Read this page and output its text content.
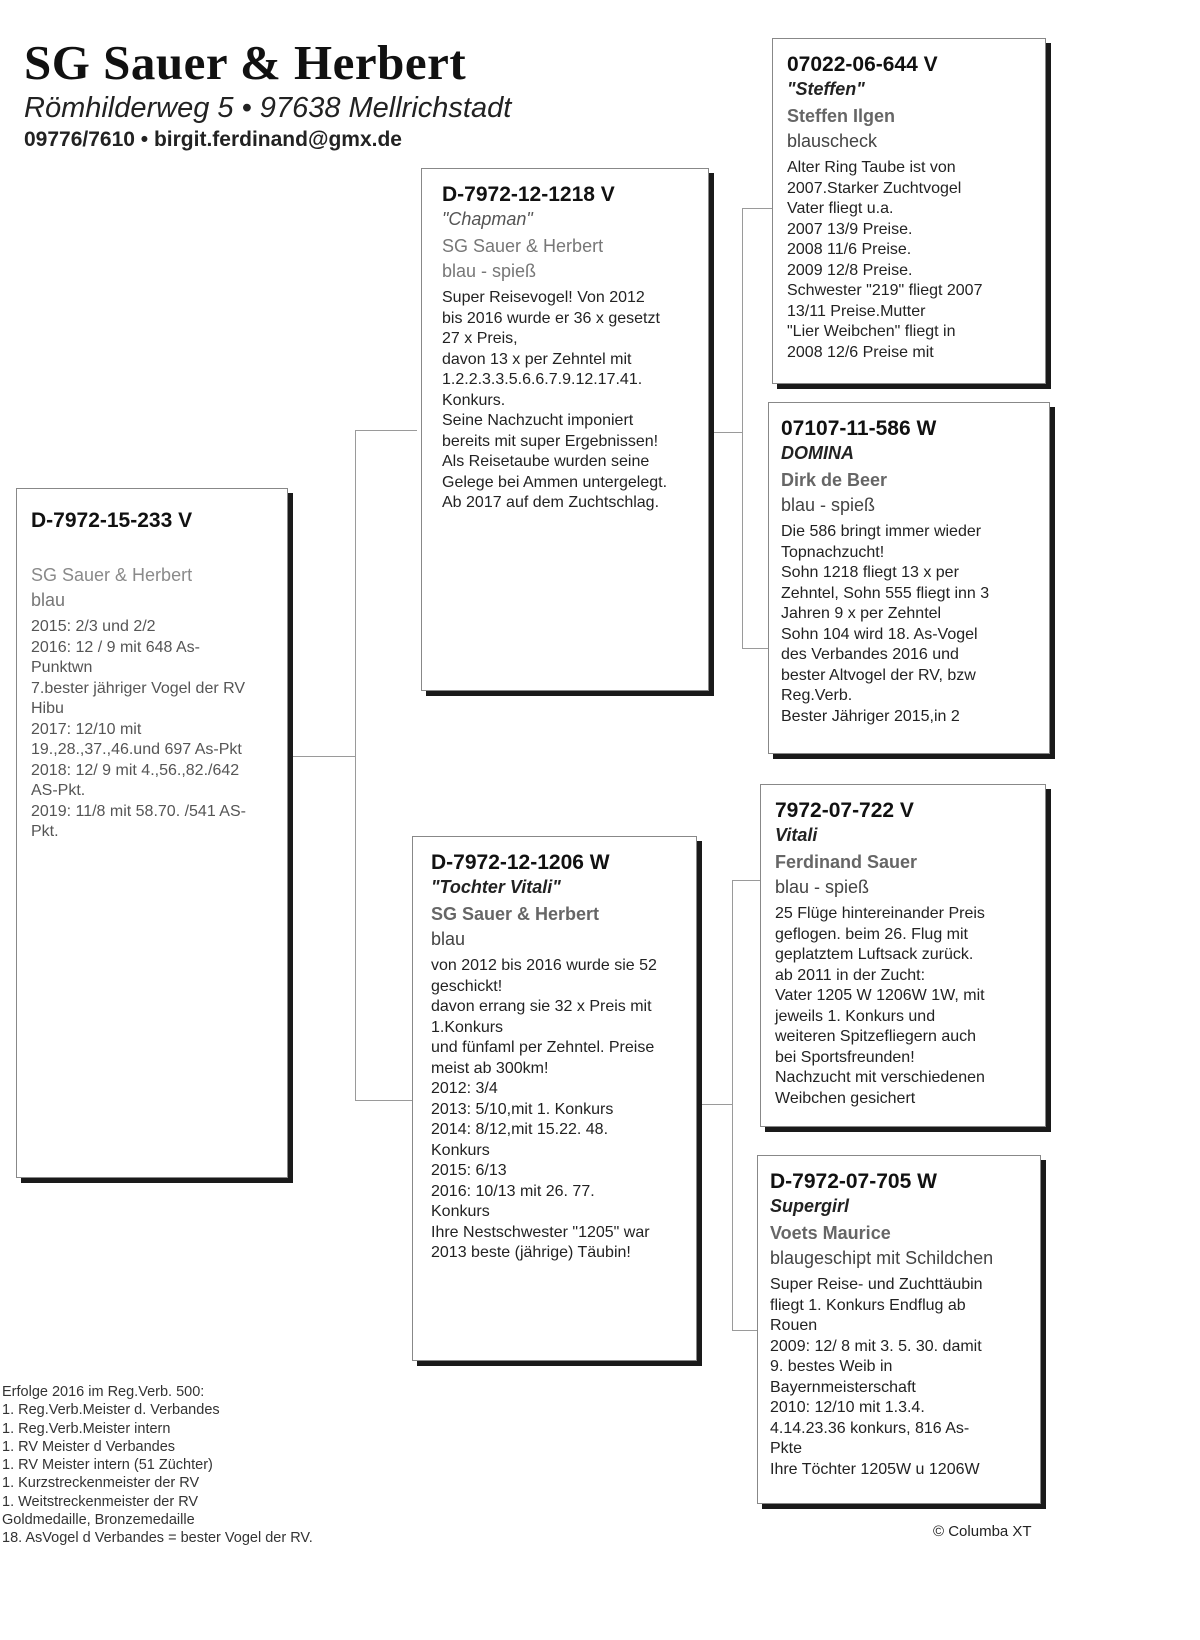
SG Sauer & Herbert
Römhilderweg 5 • 97638 Mellrichstadt
09776/7610 • birgit.ferdinand@gmx.de
D-7972-15-233 V
SG Sauer & Herbert
blau
2015: 2/3 und 2/2
2016: 12 / 9 mit 648 As-
Punktwn
7.bester jähriger Vogel der RV
Hibu
2017: 12/10 mit
19.,28.,37.,46.und 697 As-Pkt
2018: 12/ 9 mit 4.,56.,82./642
AS-Pkt.
2019: 11/8 mit 58.70. /541 AS-
Pkt.
D-7972-12-1218 V
"Chapman"
SG Sauer & Herbert
blau - spieß
Super Reisevogel! Von 2012
bis 2016 wurde er 36 x gesetzt
27 x Preis,
davon 13 x per Zehntel mit
1.2.2.3.3.5.6.6.7.9.12.17.41.
Konkurs.
Seine Nachzucht imponiert
bereits mit super Ergebnissen!
Als Reisetaube wurden seine
Gelege bei Ammen untergelegt.
Ab 2017 auf dem Zuchtschlag.
D-7972-12-1206 W
"Tochter Vitali"
SG Sauer & Herbert
blau
von 2012 bis 2016 wurde sie 52
geschickt!
davon errang sie 32 x Preis mit
1.Konkurs
und fünfaml per Zehntel. Preise
meist ab 300km!
2012: 3/4
2013: 5/10,mit 1. Konkurs
2014: 8/12,mit 15.22. 48.
Konkurs
2015: 6/13
2016: 10/13 mit 26. 77.
Konkurs
Ihre Nestschwester "1205" war
2013 beste (jährige) Täubin!
07022-06-644 V
"Steffen"
Steffen Ilgen
blauscheck
Alter Ring Taube ist von
2007.Starker Zuchtvogel
Vater fliegt u.a.
2007 13/9 Preise.
2008 11/6 Preise.
2009 12/8 Preise.
Schwester "219" fliegt 2007
13/11 Preise.Mutter
"Lier Weibchen" fliegt in
2008 12/6 Preise mit
07107-11-586 W
DOMINA
Dirk de Beer
blau - spieß
Die 586 bringt immer wieder
Topnachzucht!
Sohn 1218 fliegt 13 x per
Zehntel, Sohn 555 fliegt inn 3
Jahren 9 x per Zehntel
Sohn 104 wird 18. As-Vogel
des Verbandes 2016 und
bester Altvogel der RV, bzw
Reg.Verb.
Bester Jähriger 2015,in 2
7972-07-722 V
Vitali
Ferdinand Sauer
blau - spieß
25 Flüge hintereinander Preis
geflogen. beim 26. Flug mit
geplatztem Luftsack zurück.
ab 2011 in der Zucht:
Vater 1205 W 1206W 1W, mit
jeweils 1. Konkurs und
weiteren Spitzefliegern auch
bei Sportsfreunden!
Nachzucht mit verschiedenen
Weibchen gesichert
D-7972-07-705 W
Supergirl
Voets Maurice
blaugeschipt mit Schildchen
Super Reise- und Zuchttäubin
fliegt 1. Konkurs Endflug ab
Rouen
2009: 12/ 8 mit 3. 5. 30. damit
9. bestes Weib in
Bayernmeisterschaft
2010: 12/10 mit 1.3.4.
4.14.23.36 konkurs, 816 As-
Pkte
Ihre Töchter 1205W u 1206W
Erfolge 2016 im Reg.Verb. 500:
1. Reg.Verb.Meister d. Verbandes
1. Reg.Verb.Meister intern
1. RV Meister d Verbandes
1. RV Meister intern (51 Züchter)
1. Kurzstreckenmeister der RV
1. Weitstreckenmeister der RV
Goldmedaille, Bronzemedaille
18. AsVogel d Verbandes = bester Vogel der RV.	© Columba XT
